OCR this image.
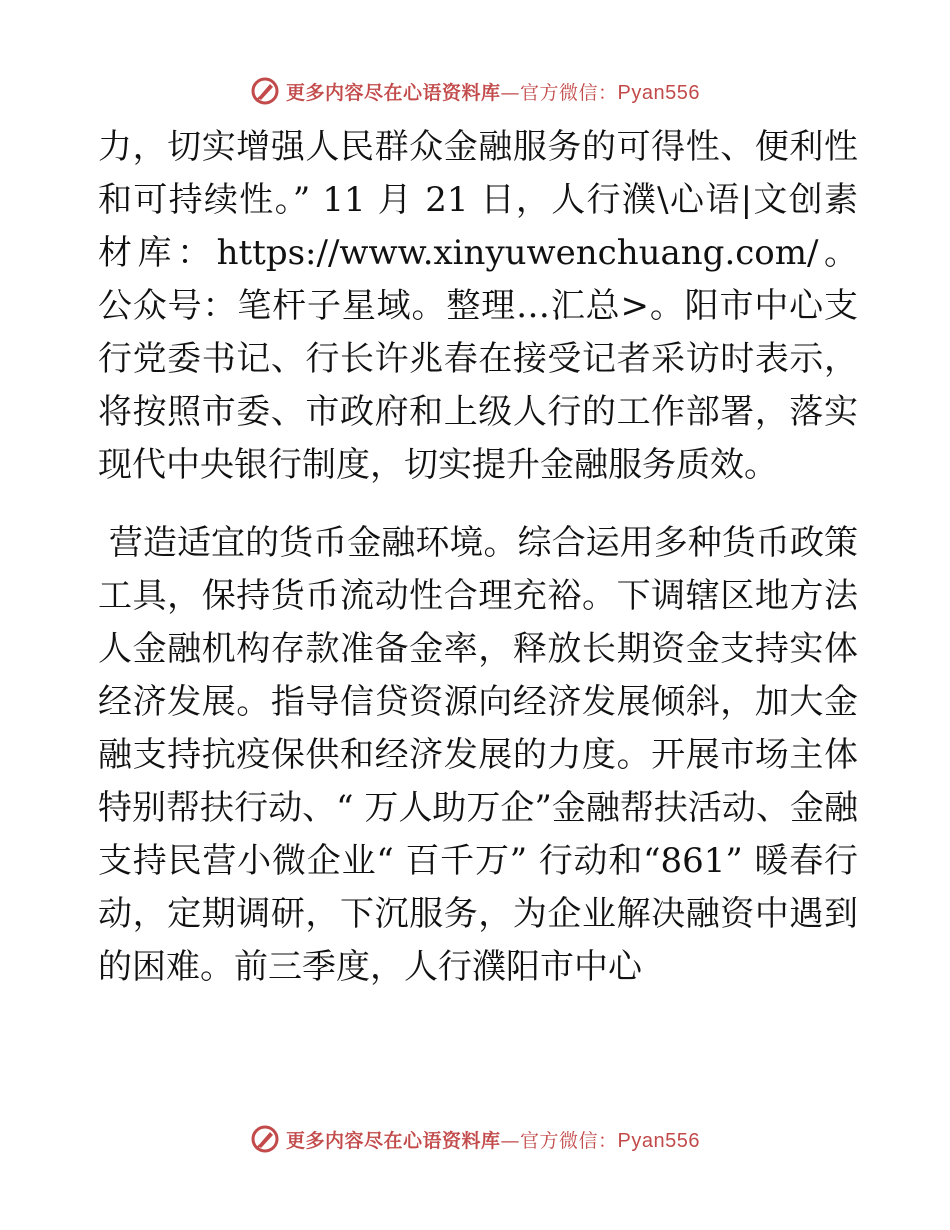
更多内容尽在心语资料库—官方微信：Pyan556

力，切实增强人民群众金融服务的可得性、便利性和可持续性。” 11 月 21 日，人行濮\心语|文创素材库：https://www.xinyuwenchuang.com/。公众号：笔杆子星域。整理…汇总>。阳市中心支行党委书记、行长许兆春在接受记者采访时表示，将按照市委、市政府和上级人行的工作部署，落实现代中央银行制度，切实提升金融服务质效。

营造适宜的货币金融环境。综合运用多种货币政策工具，保持货币流动性合理充裕。下调辖区地方法人金融机构存款准备金率，释放长期资金支持实体经济发展。指导信贷资源向经济发展倾斜，加大金融支持抗疫保供和经济发展的力度。开展市场主体特别帮扶行动、“ 万人助万企”金融帮扶活动、金融支持民营小微企业“ 百千万” 行动和“861” 暖春行动，定期调研，下沉服务，为企业解决融资中遇到的困难。前三季度，人行濮阳市中心

更多内容尽在心语资料库—官方微信：Pyan556
